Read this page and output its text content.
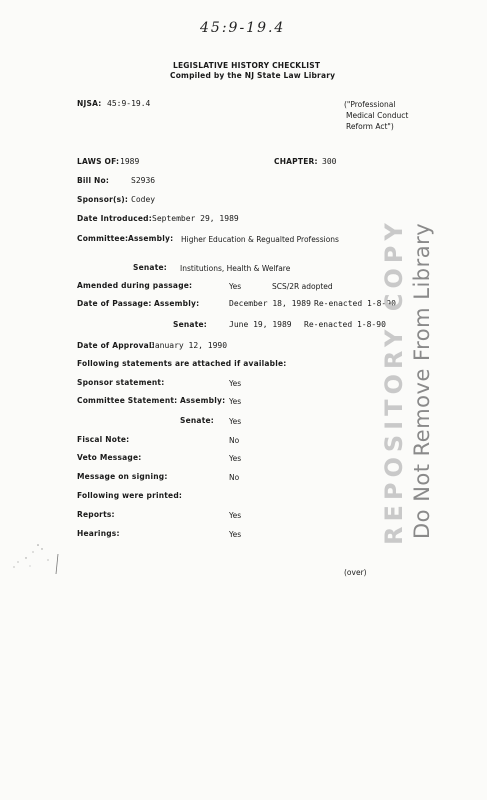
45:9-19.4
LEGISLATIVE HISTORY CHECKLIST
Compiled by the NJ State Law Library
NJSA: 45:9-19.4	("Professional
Medical Conduct
Reform Act")
LAWS OF: 1989	CHAPTER: 300
Bill No:	S2936
Sponsor(s): Codey
Date Introduced: September 29, 1989
Committee: Assembly: Higher Education & Regualted Professions
Senate: Institutions, Health & Welfare
Amended during passage:	Yes	SCS/2R adopted
Date of Passage: Assembly:	December 18, 1989 Re-enacted 1-8-90
Senate:	June 19, 1989 Re-enacted 1-8-90
Date of Approval:
January 12, 1990
Following statements are attached if available:
Sponsor statement:	Yes
Committee Statement: Assembly: Yes
Senate: Yes
Fiscal Note:	No
Veto Message:	Yes
Message on signing:	No
Following were printed:
Reports:	Yes
Hearings:	Yes
(over)
REPOSITORY COPY Do Not Remove From Library
